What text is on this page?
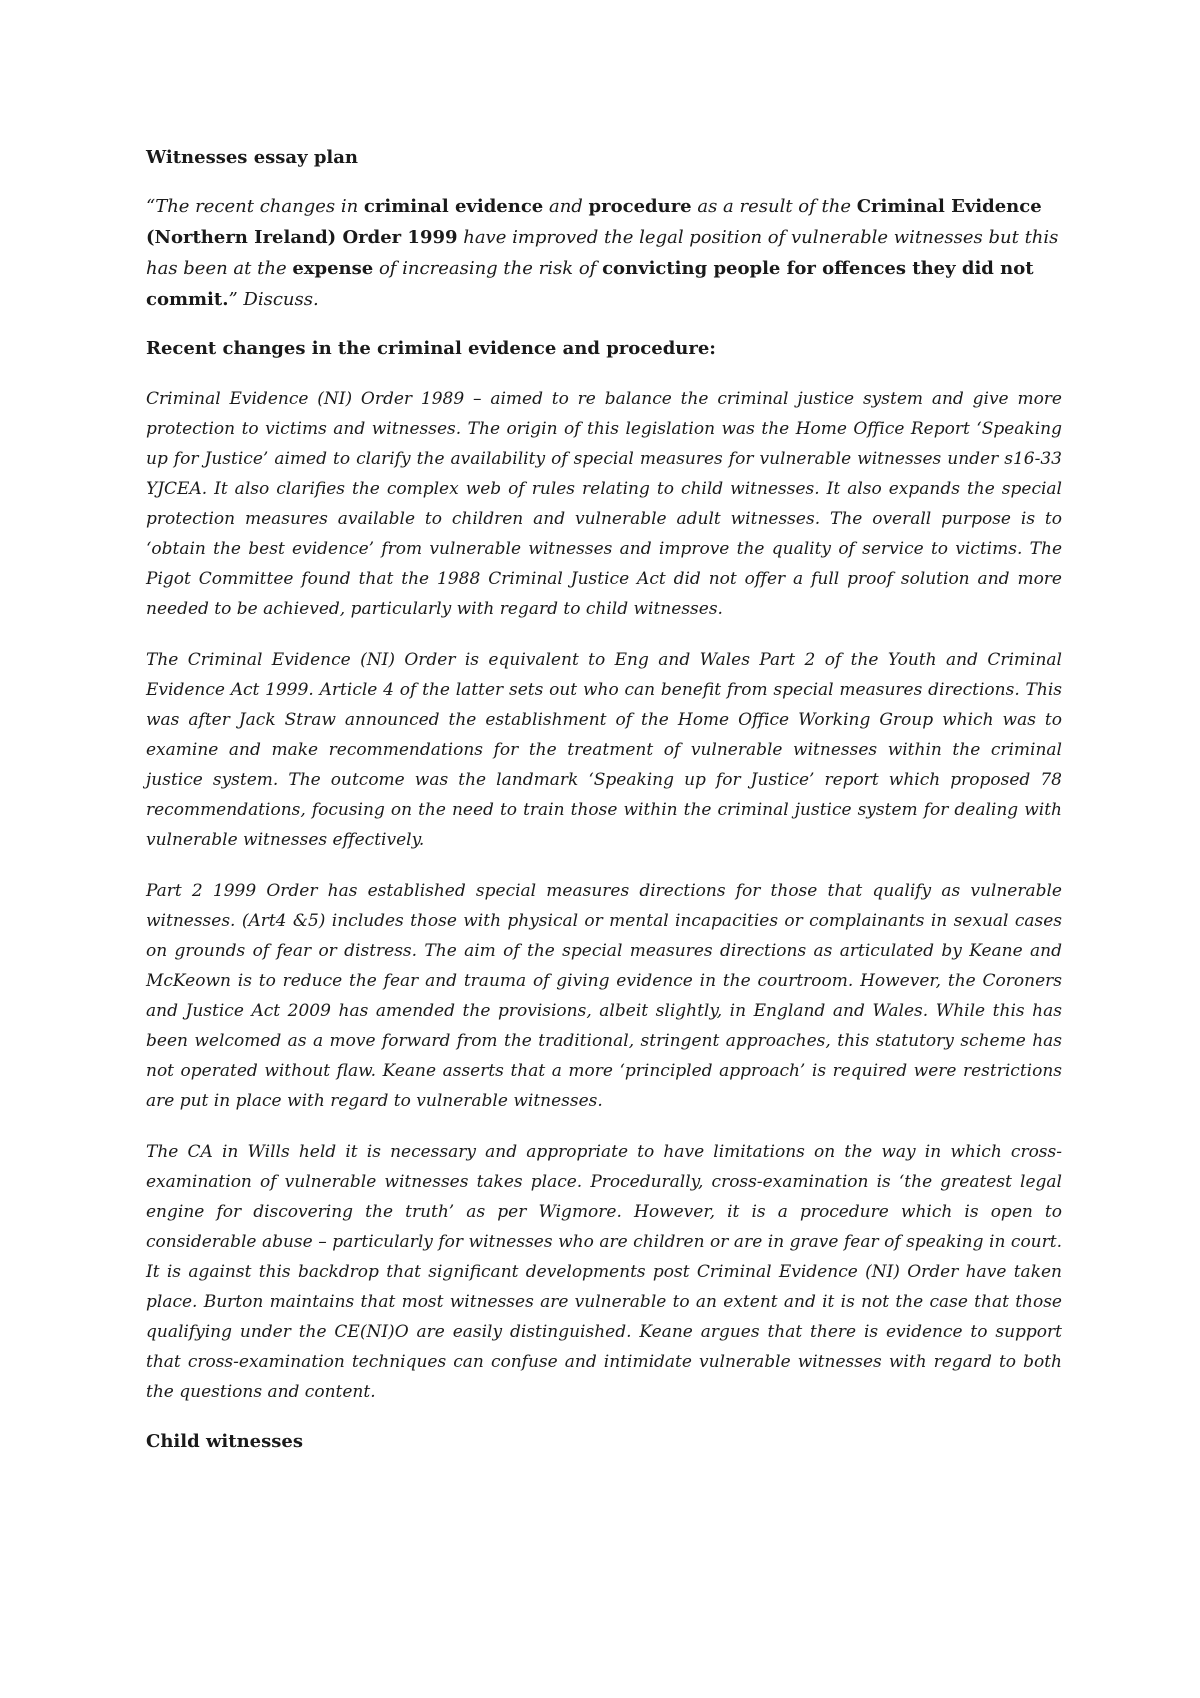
Witnesses essay plan
“The recent changes in criminal evidence and procedure as a result of the Criminal Evidence (Northern Ireland) Order 1999 have improved the legal position of vulnerable witnesses but this has been at the expense of increasing the risk of convicting people for offences they did not commit.” Discuss.
Recent changes in the criminal evidence and procedure:

Criminal Evidence (NI) Order 1989 – aimed to re balance the criminal justice system and give more protection to victims and witnesses. The origin of this legislation was the Home Office Report ‘Speaking up for Justice’ aimed to clarify the availability of special measures for vulnerable witnesses under s16-33 YJCEA. It also clarifies the complex web of rules relating to child witnesses. It also expands the special protection measures available to children and vulnerable adult witnesses. The overall purpose is to ‘obtain the best evidence’ from vulnerable witnesses and improve the quality of service to victims. The Pigot Committee found that the 1988 Criminal Justice Act did not offer a full proof solution and more needed to be achieved, particularly with regard to child witnesses.

The Criminal Evidence (NI) Order is equivalent to Eng and Wales Part 2 of the Youth and Criminal Evidence Act 1999. Article 4 of the latter sets out who can benefit from special measures directions. This was after Jack Straw announced the establishment of the Home Office Working Group which was to examine and make recommendations for the treatment of vulnerable witnesses within the criminal justice system. The outcome was the landmark ‘Speaking up for Justice’ report which proposed 78 recommendations, focusing on the need to train those within the criminal justice system for dealing with vulnerable witnesses effectively.

Part 2 1999 Order has established special measures directions for those that qualify as vulnerable witnesses. (Art4 &5) includes those with physical or mental incapacities or complainants in sexual cases on grounds of fear or distress. The aim of the special measures directions as articulated by Keane and McKeown is to reduce the fear and trauma of giving evidence in the courtroom. However, the Coroners and Justice Act 2009 has amended the provisions, albeit slightly, in England and Wales. While this has been welcomed as a move forward from the traditional, stringent approaches, this statutory scheme has not operated without flaw. Keane asserts that a more ‘principled approach’ is required were restrictions are put in place with regard to vulnerable witnesses.

The CA in Wills held it is necessary and appropriate to have limitations on the way in which cross-examination of vulnerable witnesses takes place. Procedurally, cross-examination is ‘the greatest legal engine for discovering the truth’ as per Wigmore. However, it is a procedure which is open to considerable abuse – particularly for witnesses who are children or are in grave fear of speaking in court. It is against this backdrop that significant developments post Criminal Evidence (NI) Order have taken place. Burton maintains that most witnesses are vulnerable to an extent and it is not the case that those qualifying under the CE(NI)O are easily distinguished. Keane argues that there is evidence to support that cross-examination techniques can confuse and intimidate vulnerable witnesses with regard to both the questions and content.

Child witnesses
